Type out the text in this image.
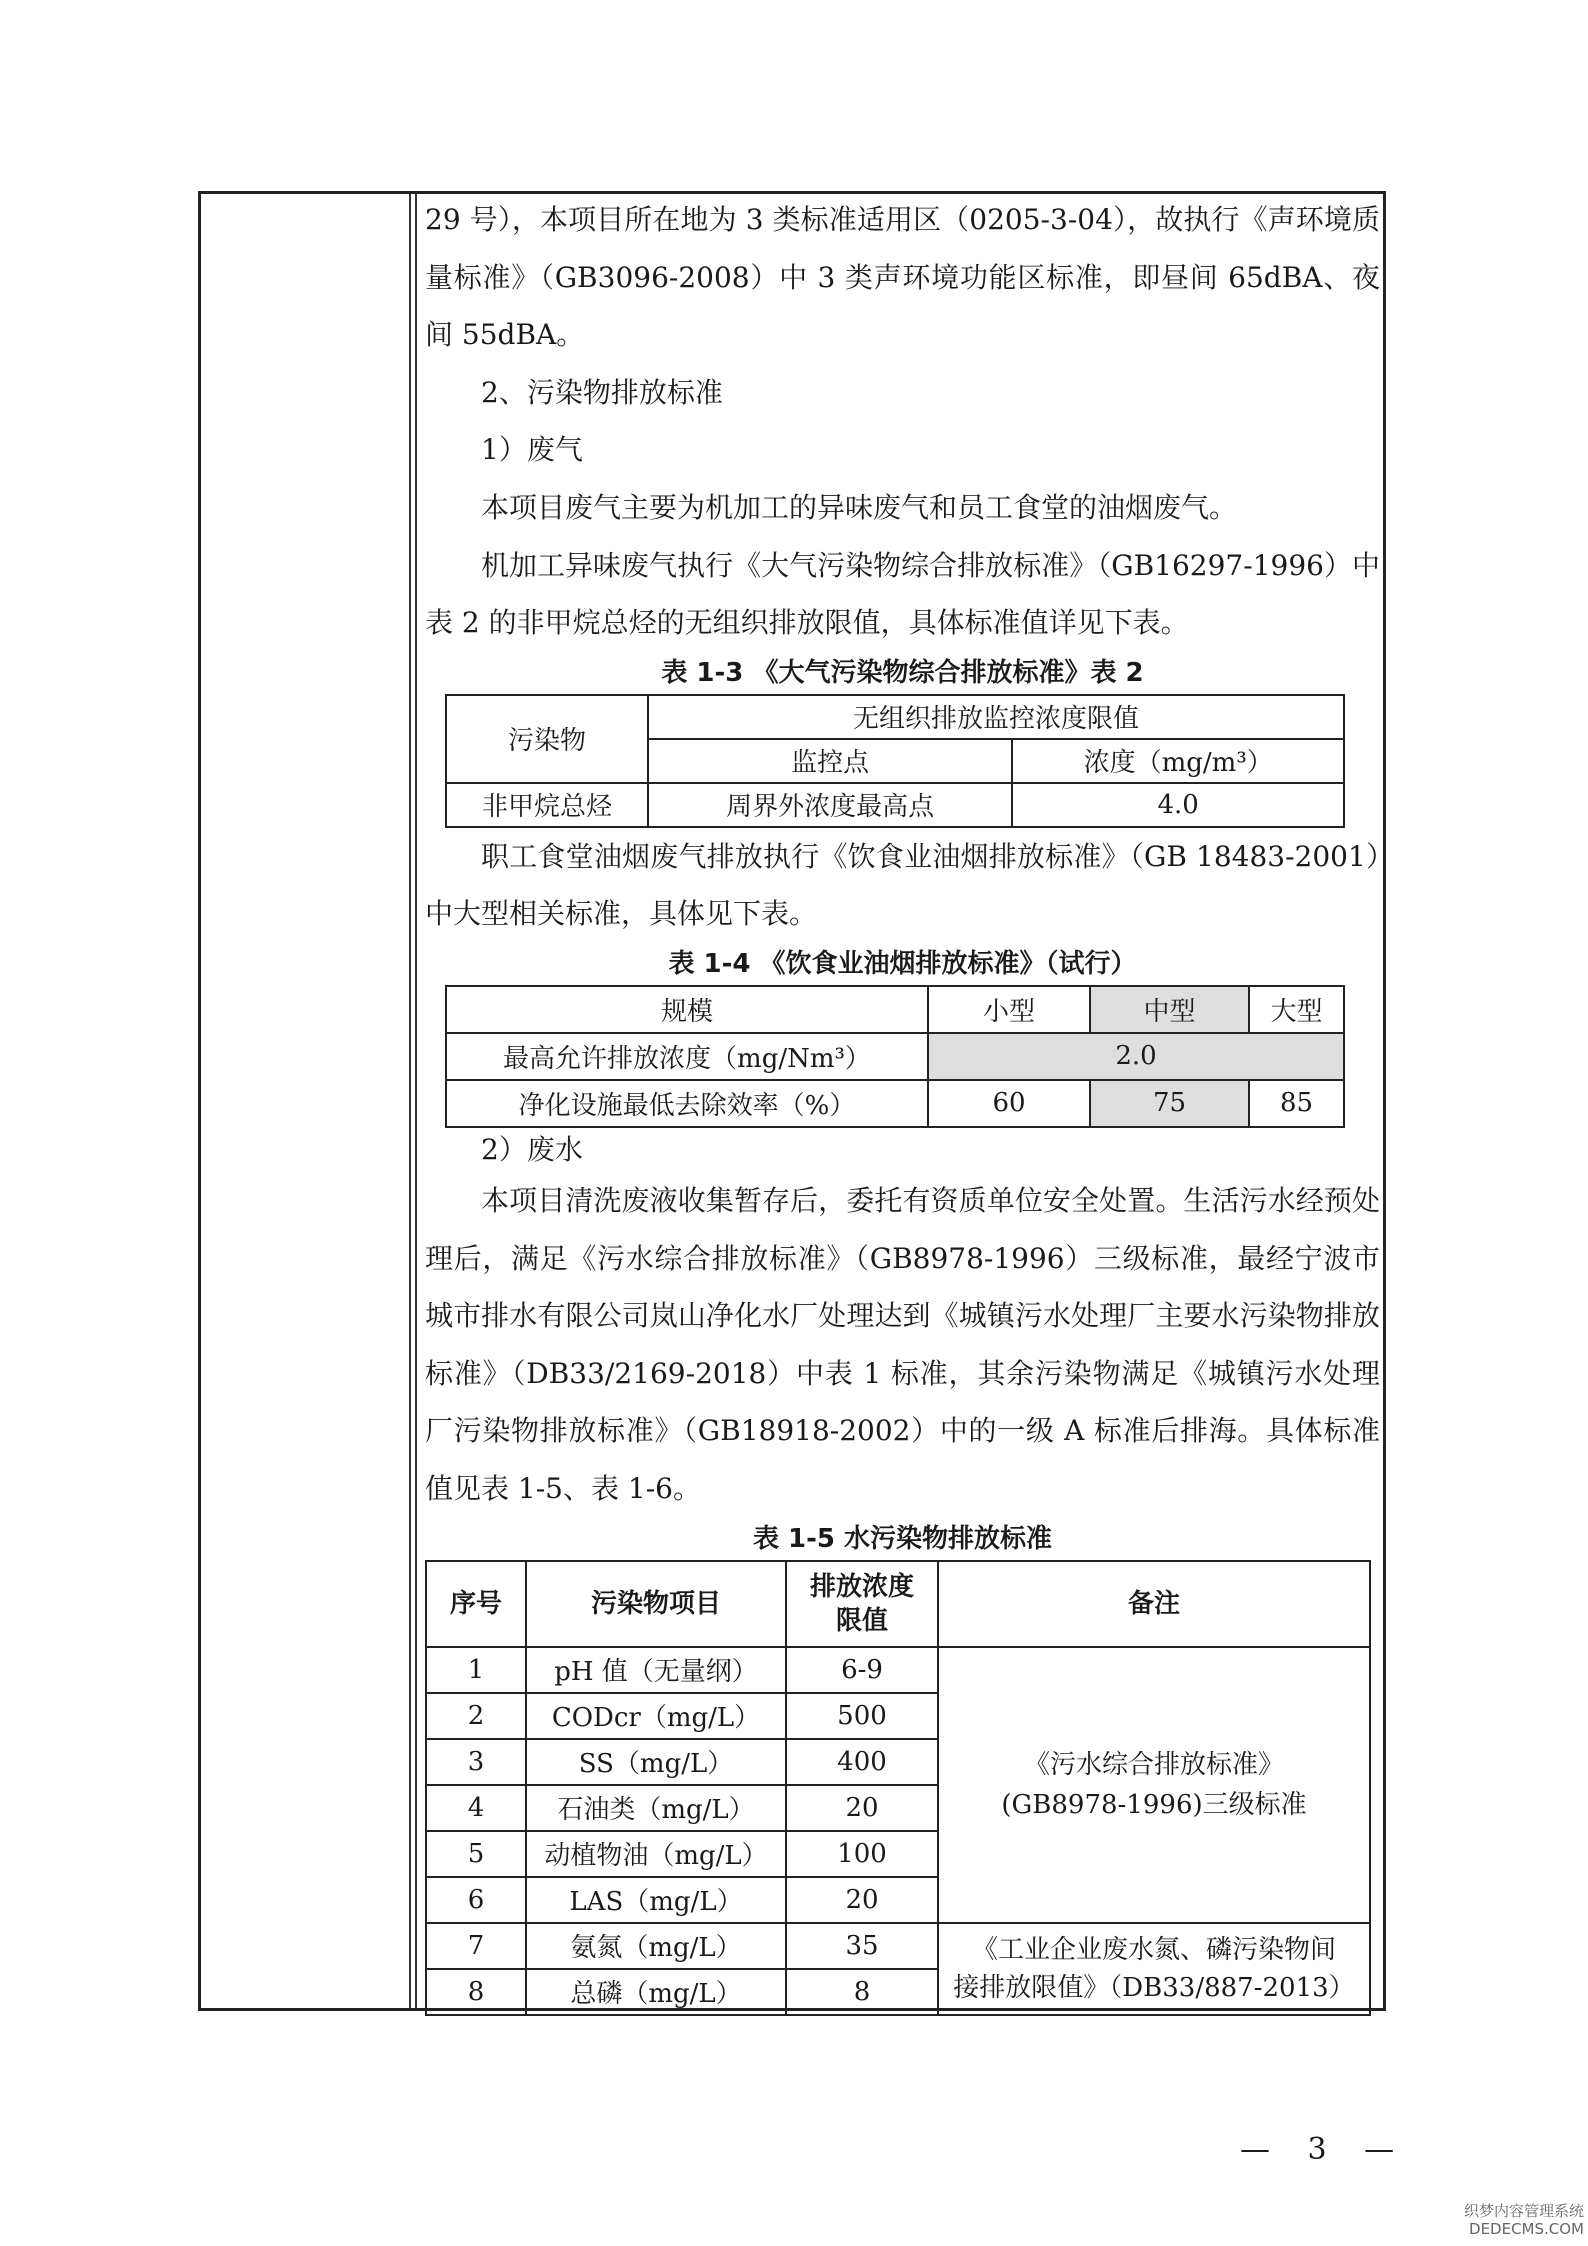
29 号），本项目所在地为 3 类标准适用区（0205-3-04），故执行《声环境质量标准》（GB3096-2008）中 3 类声环境功能区标准，即昼间 65dBA、夜间 55dBA。

2、污染物排放标准

1）废气

本项目废气主要为机加工的异味废气和员工食堂的油烟废气。

机加工异味废气执行《大气污染物综合排放标准》（GB16297-1996）中表 2 的非甲烷总烃的无组织排放限值，具体标准值详见下表。

表 1-3 《大气污染物综合排放标准》表 2

污染物	无组织排放监控浓度限值	
	监控点	浓度（mg/m³）
非甲烷总烃	周界外浓度最高点	4.0

职工食堂油烟废气排放执行《饮食业油烟排放标准》（GB 18483-2001）中大型相关标准，具体见下表。

表 1-4 《饮食业油烟排放标准》（试行）

规模	小型	中型	大型
最高允许排放浓度（mg/Nm³）	2.0		
净化设施最低去除效率（%）	60	75	85

2）废水

本项目清洗废液收集暂存后，委托有资质单位安全处置。生活污水经预处理后，满足《污水综合排放标准》（GB8978-1996）三级标准，最经宁波市城市排水有限公司岚山净化水厂处理达到《城镇污水处理厂主要水污染物排放标准》（DB33/2169-2018）中表 1 标准，其余污染物满足《城镇污水处理厂污染物排放标准》（GB18918-2002）中的一级 A 标准后排海。具体标准值见表 1-5、表 1-6。

表 1-5 水污染物排放标准

序号	污染物项目	排放浓度
限值	备注
1	pH 值（无量纲）	6-9	《污水综合排放标准》
(GB8978-1996)三级标准
2	CODcr（mg/L）	500	
3	SS（mg/L）	400	
4	石油类（mg/L）	20	
5	动植物油（mg/L）	100	
6	LAS（mg/L）	20	
7	氨氮（mg/L）	35	《工业企业废水氮、磷污染物间
接排放限值》（DB33/887-2013）
8	总磷（mg/L）	8	
— 3 —
织梦内容管理系统
DEDECMS.COM
